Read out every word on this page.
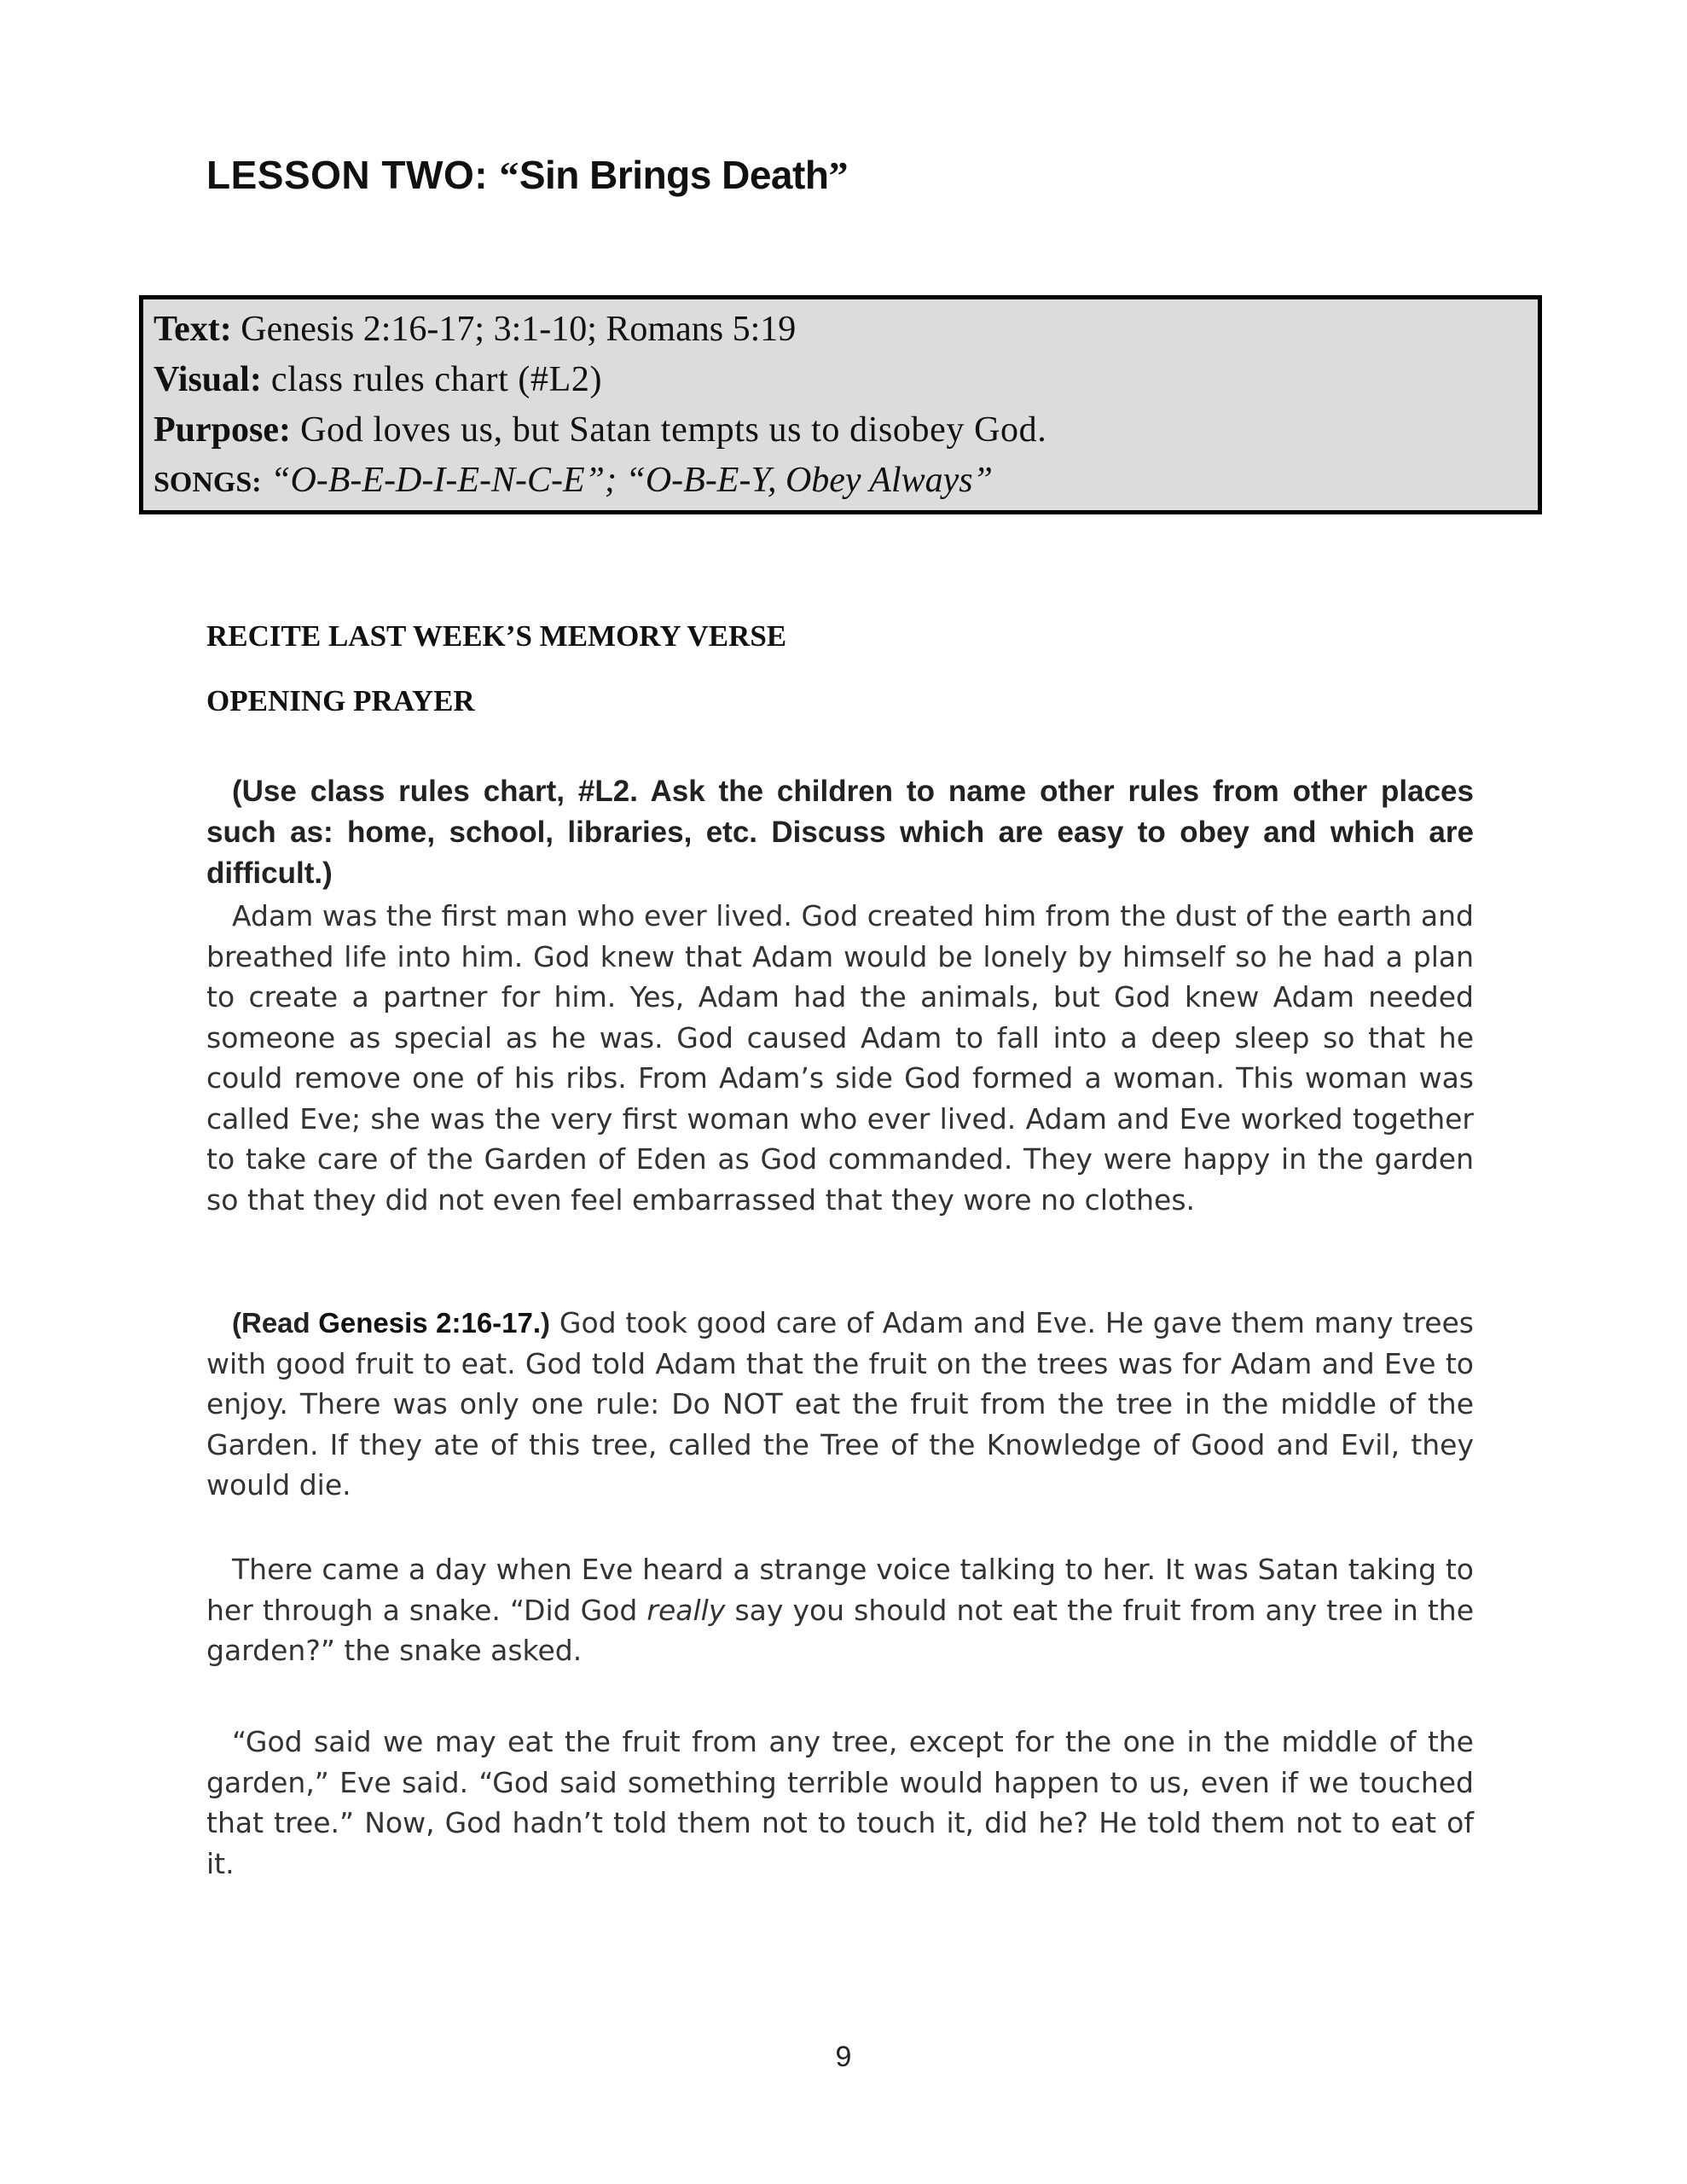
LESSON TWO: “Sin Brings Death”
Text: Genesis 2:16-17; 3:1-10; Romans 5:19
Visual: class rules chart (#L2)
Purpose: God loves us, but Satan tempts us to disobey God.
SONGS: “O-B-E-D-I-E-N-C-E”; “O-B-E-Y, Obey Always”
RECITE LAST WEEK’S MEMORY VERSE
OPENING PRAYER

(Use class rules chart, #L2. Ask the children to name other rules from other places such as: home, school, libraries, etc. Discuss which are easy to obey and which are difficult.)

Adam was the first man who ever lived. God created him from the dust of the earth and breathed life into him. God knew that Adam would be lonely by himself so he had a plan to create a partner for him. Yes, Adam had the animals, but God knew Adam needed someone as special as he was. God caused Adam to fall into a deep sleep so that he could remove one of his ribs. From Adam’s side God formed a woman. This woman was called Eve; she was the very first woman who ever lived. Adam and Eve worked together to take care of the Garden of Eden as God commanded. They were happy in the garden so that they did not even feel embarrassed that they wore no clothes.

(Read Genesis 2:16-17.) God took good care of Adam and Eve. He gave them many trees with good fruit to eat. God told Adam that the fruit on the trees was for Adam and Eve to enjoy. There was only one rule: Do NOT eat the fruit from the tree in the middle of the Garden. If they ate of this tree, called the Tree of the Knowledge of Good and Evil, they would die.

There came a day when Eve heard a strange voice talking to her. It was Satan taking to her through a snake. “Did God really say you should not eat the fruit from any tree in the garden?” the snake asked.

“God said we may eat the fruit from any tree, except for the one in the middle of the garden,” Eve said. “God said something terrible would happen to us, even if we touched that tree.” Now, God hadn’t told them not to touch it, did he? He told them not to eat of it.

9
